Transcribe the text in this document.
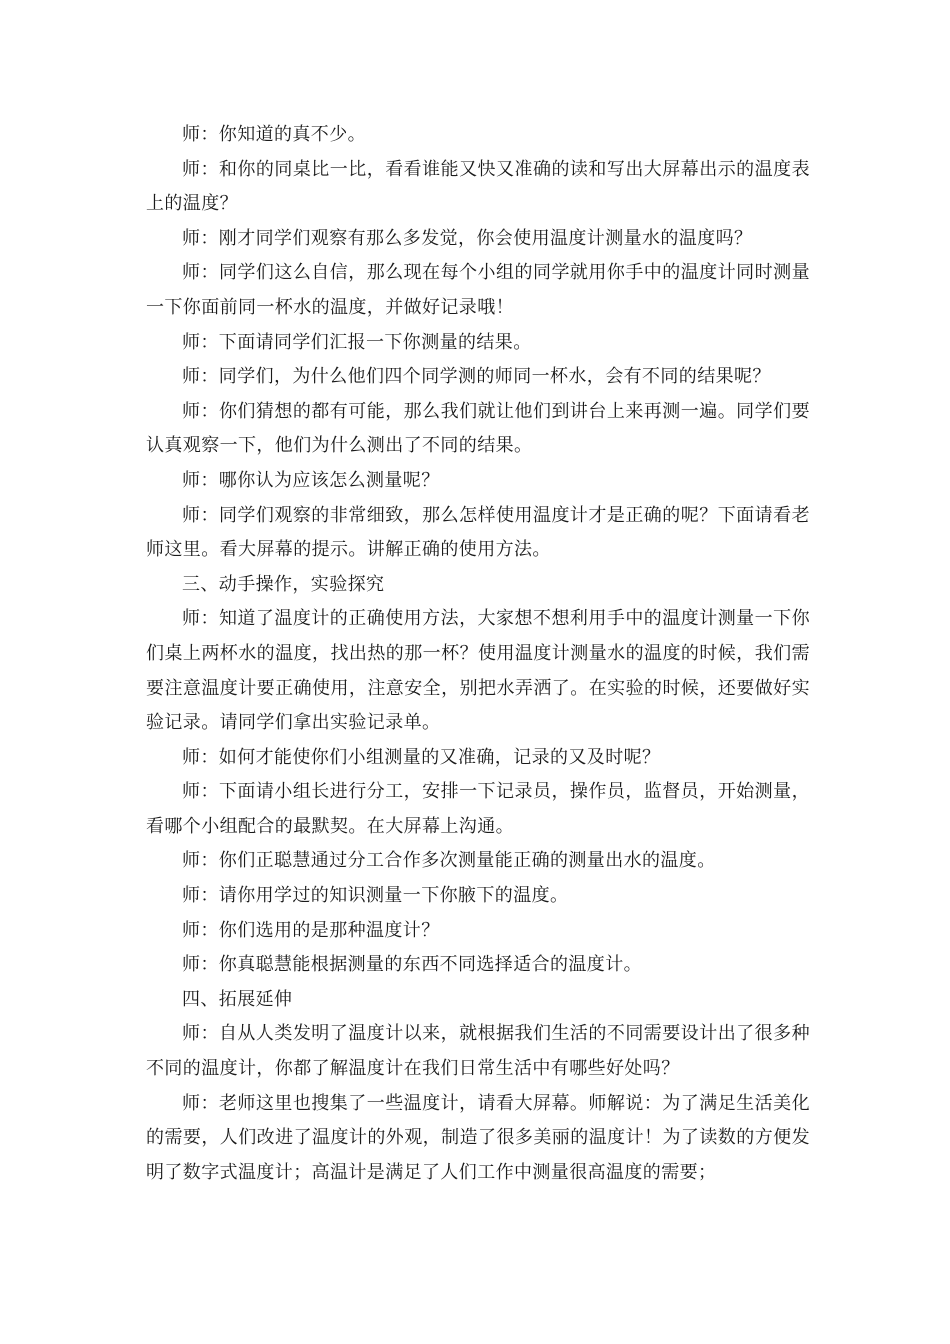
师：你知道的真不少。

师：和你的同桌比一比，看看谁能又快又准确的读和写出大屏幕出示的温度表上的温度？

师：刚才同学们观察有那么多发觉，你会使用温度计测量水的温度吗？

师：同学们这么自信，那么现在每个小组的同学就用你手中的温度计同时测量一下你面前同一杯水的温度，并做好记录哦！

师：下面请同学们汇报一下你测量的结果。

师：同学们，为什么他们四个同学测的师同一杯水，会有不同的结果呢？

师：你们猜想的都有可能，那么我们就让他们到讲台上来再测一遍。同学们要认真观察一下，他们为什么测出了不同的结果。

师：哪你认为应该怎么测量呢？

师：同学们观察的非常细致，那么怎样使用温度计才是正确的呢？下面请看老师这里。看大屏幕的提示。讲解正确的使用方法。

三、动手操作，实验探究

师：知道了温度计的正确使用方法，大家想不想利用手中的温度计测量一下你们桌上两杯水的温度，找出热的那一杯？使用温度计测量水的温度的时候，我们需要注意温度计要正确使用，注意安全，别把水弄洒了。在实验的时候，还要做好实验记录。请同学们拿出实验记录单。

师：如何才能使你们小组测量的又准确，记录的又及时呢？

师：下面请小组长进行分工，安排一下记录员，操作员，监督员，开始测量，看哪个小组配合的最默契。在大屏幕上沟通。

师：你们正聪慧通过分工合作多次测量能正确的测量出水的温度。

师：请你用学过的知识测量一下你腋下的温度。

师：你们选用的是那种温度计？

师：你真聪慧能根据测量的东西不同选择适合的温度计。

四、拓展延伸

师：自从人类发明了温度计以来，就根据我们生活的不同需要设计出了很多种不同的温度计，你都了解温度计在我们日常生活中有哪些好处吗？

师：老师这里也搜集了一些温度计，请看大屏幕。师解说：为了满足生活美化的需要，人们改进了温度计的外观，制造了很多美丽的温度计！为了读数的方便发明了数字式温度计；高温计是满足了人们工作中测量很高温度的需要；
